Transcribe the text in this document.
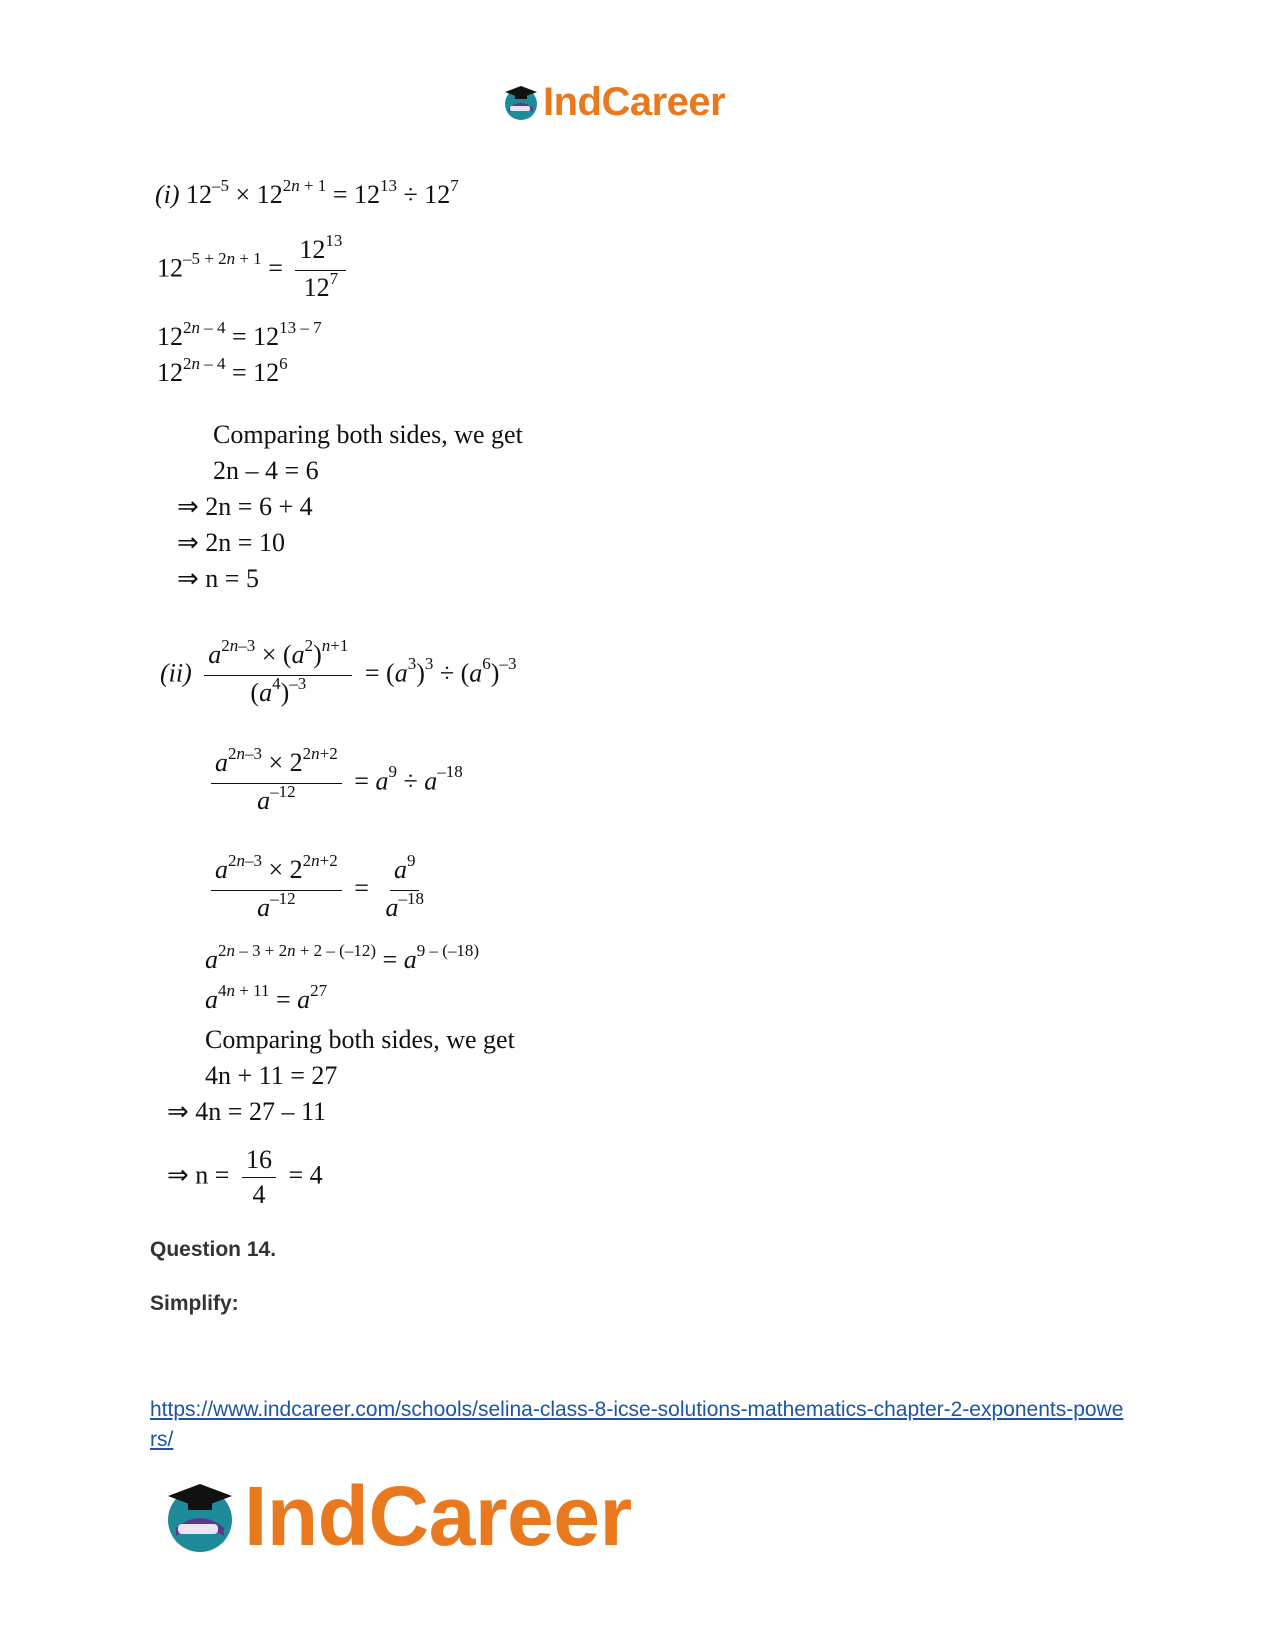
IndCareer
(i) $12^{-5} \times 12^{2n + 1} = 12^{13} \div 12^7$
$12^{-5 + 2n + 1} = \frac{12^{13}}{12^7}$
$12^{2n - 4} = 12^{13 - 7}$
$12^{2n - 4} = 12^6$
Comparing both sides, we get
2n – 4 = 6
⇒ 2n = 6 + 4
⇒ 2n = 10
⇒ n = 5
$(ii) \frac{a^{2n-3} \times (a^2)^{n+1}}{(a^4)^{-3}} = (a^3)^3 \div (a^6)^{-3}$
$\frac{a^{2n-3} \times 2^{2n+2}}{a^{-12}} = a^9 \div a^{-18}$
$\frac{a^{2n-3} \times 2^{2n+2}}{a^{-12}} = \frac{a^9}{a^{-18}}$
$a^{2n - 3 + 2n + 2 - (-12)} = a^{9 - (-18)}$
$a^{4n + 11} = a^{27}$
Comparing both sides, we get
4n + 11 = 27
⇒ 4n = 27 – 11
⇒ $n = \frac{16}{4} = 4$
Question 14.
Simplify:
https://www.indcareer.com/schools/selina-class-8-icse-solutions-mathematics-chapter-2-exponents-powers/
IndCareer
